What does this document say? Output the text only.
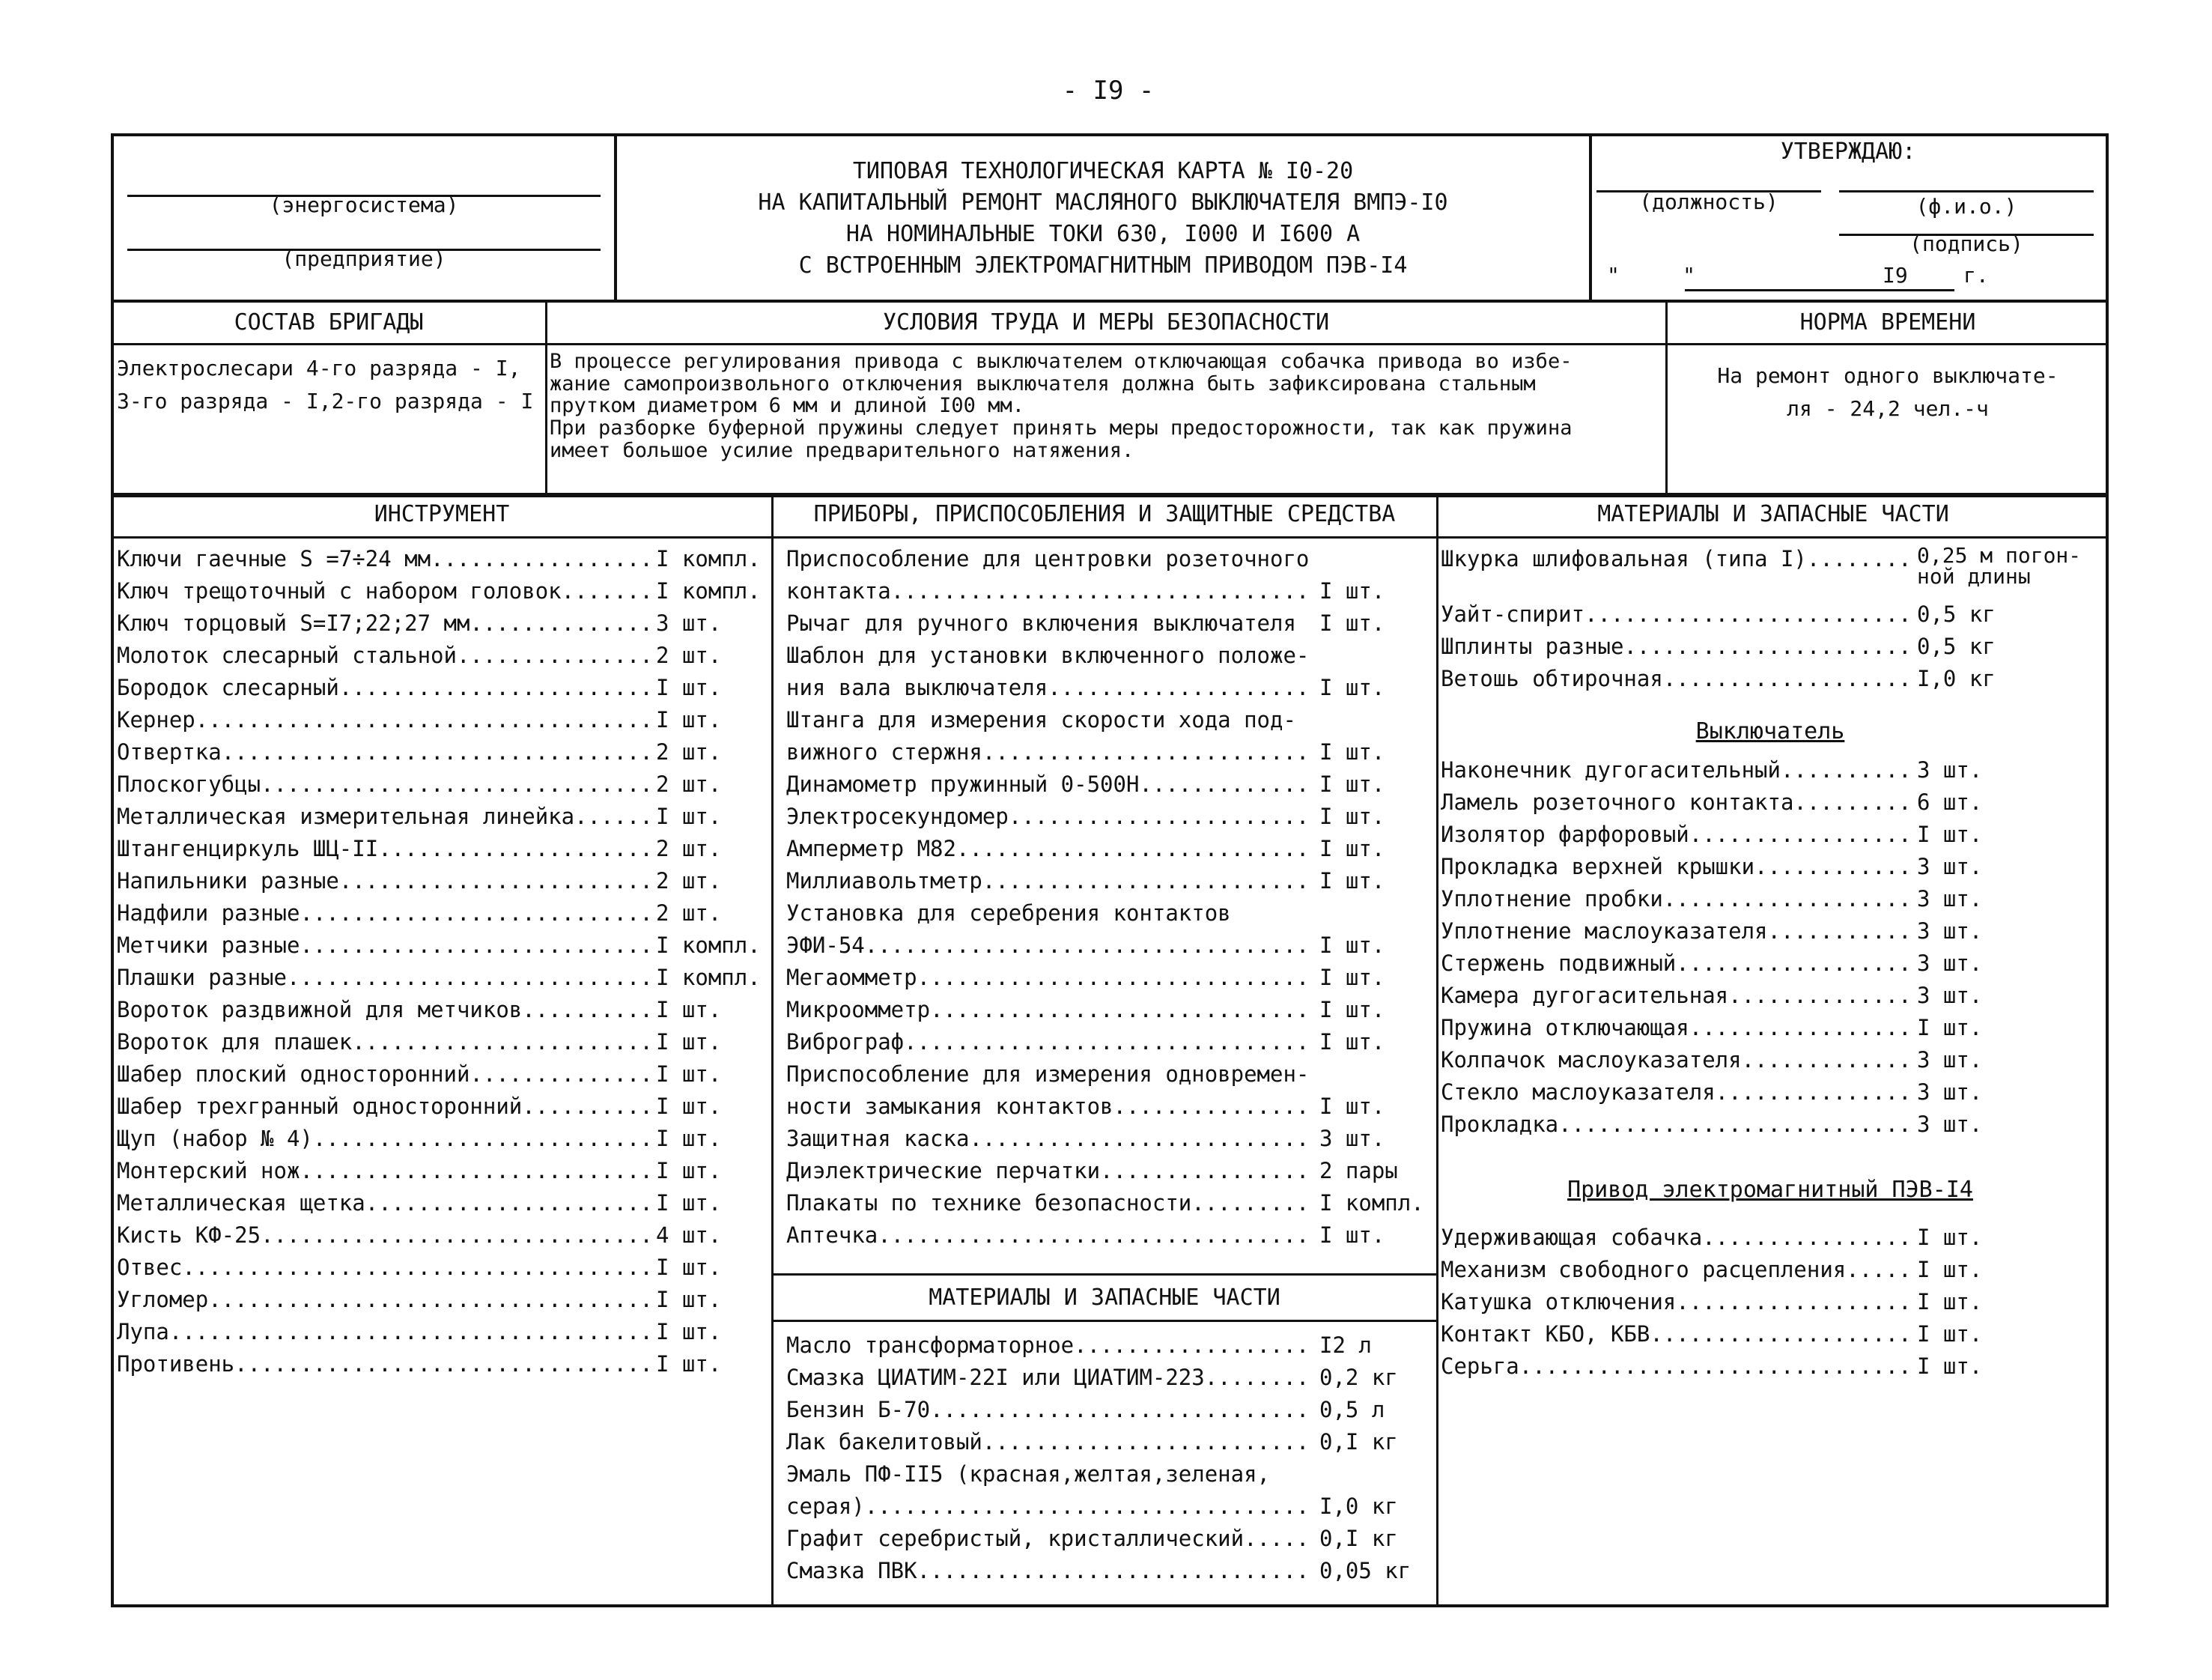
- I9 -
(энергосистема)
(предприятие)
ТИПОВАЯ ТЕХНОЛОГИЧЕСКАЯ КАРТА № I0-20
НА КАПИТАЛЬНЫЙ РЕМОНТ МАСЛЯНОГО ВЫКЛЮЧАТЕЛЯ ВМПЭ-I0
НА НОМИНАЛЬНЫЕ ТОКИ 630, I000 И I600 А
С ВСТРОЕННЫМ ЭЛЕКТРОМАГНИТНЫМ ПРИВОДОМ ПЭВ-I4
УТВЕРЖДАЮ:
(должность)	(ф.и.о.)
(подпись)
"     "	I9	г.
СОСТАВ БРИГАДЫ	УСЛОВИЯ ТРУДА И МЕРЫ БЕЗОПАСНОСТИ	НОРМА ВРЕМЕНИ
Электрослесари 4-го разряда - I,
3-го разряда - I,2-го разряда - I

В процессе регулирования привода с выключателем отключающая собачка привода во избе-

жание самопроизвольного отключения выключателя должна быть зафиксирована стальным

прутком диаметром 6 мм и длиной I00 мм.

При разборке буферной пружины следует принять меры предосторожности, так как пружина

имеет большое усилие предварительного натяжения.

На ремонт одного выключате-
ля - 24,2 чел.-ч
ИНСТРУМЕНТ	ПРИБОРЫ, ПРИСПОСОБЛЕНИЯ И ЗАЩИТНЫЕ СРЕДСТВА	МАТЕРИАЛЫ И ЗАПАСНЫЕ ЧАСТИ
МАТЕРИАЛЫ И ЗАПАСНЫЕ ЧАСТИ
Ключи гаечные S =7÷24 мм .....	I компл.
Ключ трещоточный с набором головок .....	I компл.
Ключ торцовый S=I7;22;27 мм .....	3 шт.
Молоток слесарный стальной .....	2 шт.
Бородок слесарный .....	I шт.
Кернер .....	I шт.
Отвертка .....	2 шт.
Плоскогубцы .....	2 шт.
Металлическая измерительная линейка .....	I шт.
Штангенциркуль ШЦ-II .....	2 шт.
Напильники разные .....	2 шт.
Надфили разные .....	2 шт.
Метчики разные .....	I компл.
Плашки разные .....	I компл.
Вороток раздвижной для метчиков .....	I шт.
Вороток для плашек .....	I шт.
Шабер плоский односторонний .....	I шт.
Шабер трехгранный односторонний .....	I шт.
Щуп (набор № 4) .....	I шт.
Монтерский нож .....	I шт.
Металлическая щетка .....	I шт.
Кисть КФ-25 .....	4 шт.
Отвес .....	I шт.
Угломер .....	I шт.
Лупа .....	I шт.
Противень .....	I шт.
Приспособление для центровки розеточного
контакта .....	I шт.
Рычаг для ручного включения выключателя I шт.
Шаблон для установки включенного положе-
ния вала выключателя .....	I шт.
Штанга для измерения скорости хода под-
вижного стержня .....	I шт.
Динамометр пружинный 0-500Н .....	I шт.
Электросекундомер .....	I шт.
Амперметр М82 .....	I шт.
Миллиавольтметр .....	I шт.
Установка для серебрения контактов
ЭФИ-54 .....	I шт.
Мегаомметр .....	I шт.
Микроомметр .....	I шт.
Виброграф .....	I шт.
Приспособление для измерения одновремен-
ности замыкания контактов .....	I шт.
Защитная каска .....	3 шт.
Диэлектрические перчатки .....	2 пары
Плакаты по технике безопасности .....	I компл.
Аптечка .....	I шт.
Масло трансформаторное .....	I2 л
Смазка ЦИАТИМ-22I или ЦИАТИМ-223 .....	0,2 кг
Бензин Б-70 .....	0,5 л
Лак бакелитовый .....	0,I кг
Эмаль ПФ-II5 (красная,желтая,зеленая,
серая) .....	I,0 кг
Графит серебристый, кристаллический .....	0,I кг
Смазка ПВК .....	0,05 кг
Шкурка шлифовальная (типа I) .....	0,25 м погон-ной длины
Уайт-спирит .....	0,5 кг
Шплинты разные .....	0,5 кг
Ветошь обтирочная .....	I,0 кг
Выключатель
Наконечник дугогасительный .....	3 шт.
Ламель розеточного контакта .....	6 шт.
Изолятор фарфоровый .....	I шт.
Прокладка верхней крышки .....	3 шт.
Уплотнение пробки .....	3 шт.
Уплотнение маслоуказателя .....	3 шт.
Стержень подвижный .....	3 шт.
Камера дугогасительная .....	3 шт.
Пружина отключающая .....	I шт.
Колпачок маслоуказателя .....	3 шт.
Стекло маслоуказателя .....	3 шт.
Прокладка .....	3 шт.
Привод электромагнитный ПЭВ-I4
Удерживающая собачка .....	I шт.
Механизм свободного расцепления .....	I шт.
Катушка отключения .....	I шт.
Контакт КБО, КБВ .....	I шт.
Серьга .....	I шт.
